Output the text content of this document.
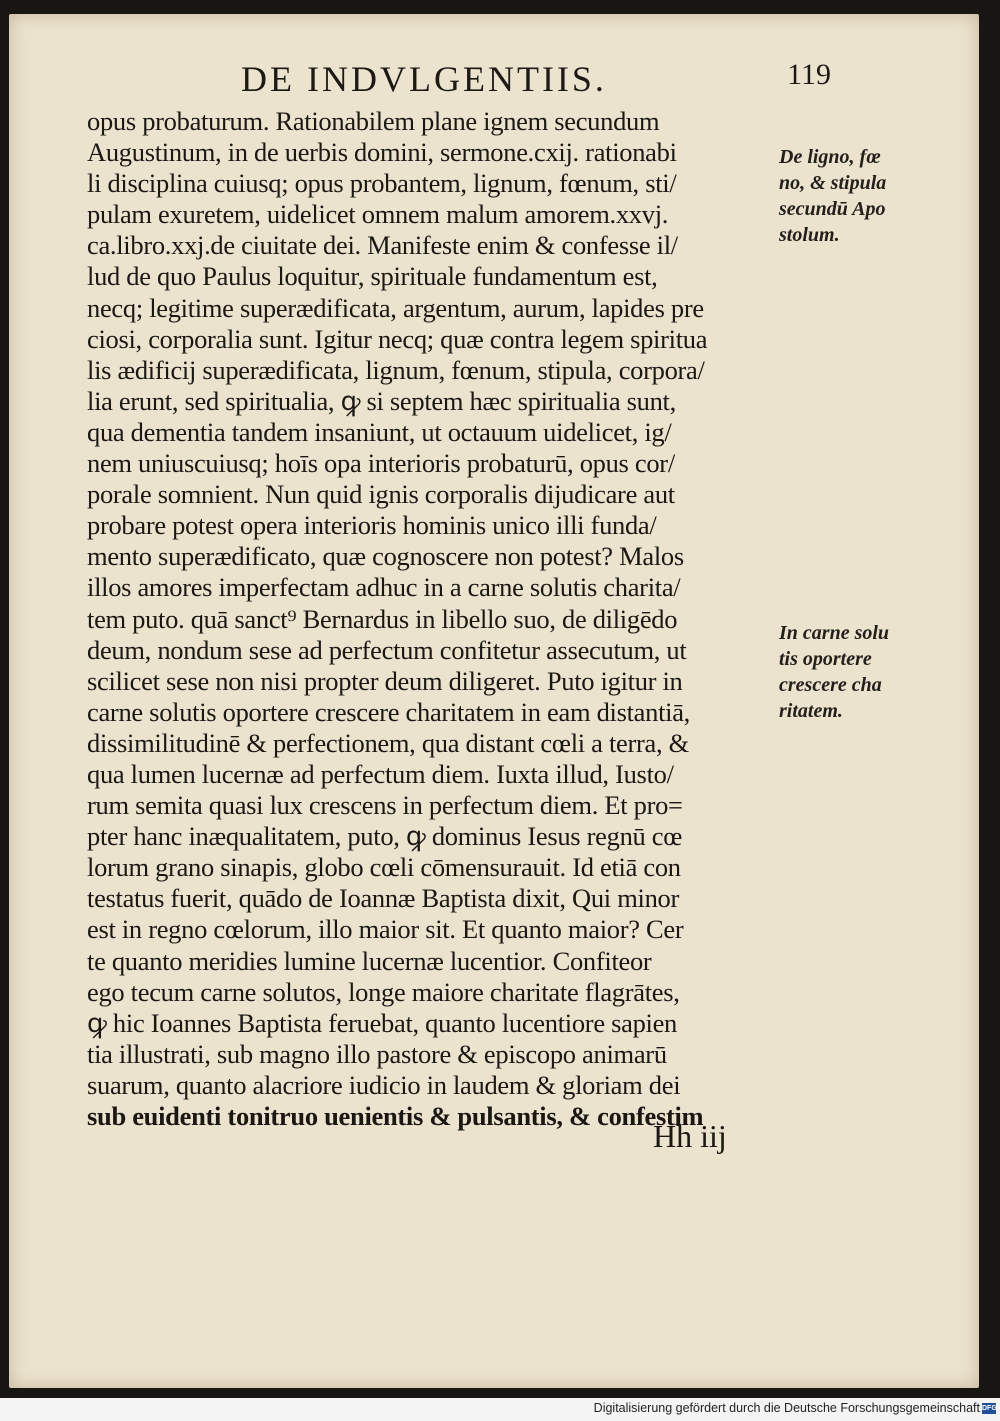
DE INDVLGENTIIS.	119
opus probaturum. Rationabilem plane ignem secundum
Augustinum, in de uerbis domini, sermone.cxij. rationabi
li disciplina cuiusq; opus probantem, lignum, fœnum, sti/
pulam exuretem, uidelicet omnem malum amorem.xxvj.
ca.libro.xxj.de ciuitate dei. Manifeste enim & confesse il/
lud de quo Paulus loquitur, spirituale fundamentum est,
necq; legitime superædificata, argentum, aurum, lapides pre
ciosi, corporalia sunt. Igitur necq; quæ contra legem spiritua
lis ædificij superædificata, lignum, fœnum, stipula, corpora/
lia erunt, sed spiritualia, ꝙ si septem hæc spiritualia sunt,
qua dementia tandem insaniunt, ut octauum uidelicet, ig/
nem uniuscuiusq; hoīs opa interioris probaturū, opus cor/
porale somnient. Nun quid ignis corporalis dijudicare aut
probare potest opera interioris hominis unico illi funda/
mento superædificato, quæ cognoscere non potest? Malos
illos amores imperfectam adhuc in a carne solutis charita/
tem puto. quā sanct⁹ Bernardus in libello suo, de diligēdo
deum, nondum sese ad perfectum confitetur assecutum, ut
scilicet sese non nisi propter deum diligeret. Puto igitur in
carne solutis oportere crescere charitatem in eam distantiā,
dissimilitudinē & perfectionem, qua distant cœli a terra, &
qua lumen lucernæ ad perfectum diem. Iuxta illud, Iusto/
rum semita quasi lux crescens in perfectum diem. Et pro=
pter hanc inæqualitatem, puto, ꝙ dominus Iesus regnū cœ
lorum grano sinapis, globo cœli cōmensurauit. Id etiā con
testatus fuerit, quādo de Ioannæ Baptista dixit, Qui minor
est in regno cœlorum, illo maior sit. Et quanto maior? Cer
te quanto meridies lumine lucernæ lucentior. Confiteor
ego tecum carne solutos, longe maiore charitate flagrātes,
ꝙ hic Ioannes Baptista feruebat, quanto lucentiore sapien
tia illustrati, sub magno illo pastore & episcopo animarū
suarum, quanto alacriore iudicio in laudem & gloriam dei
sub euidenti tonitruo uenientis & pulsantis, & confestim
De ligno, fœ
no, & stipula
secundū Apo
stolum.
In carne solu
tis oportere
crescere cha
ritatem.
Hh iij
Digitalisierung gefördert durch die Deutsche Forschungsgemeinschaft DFG
